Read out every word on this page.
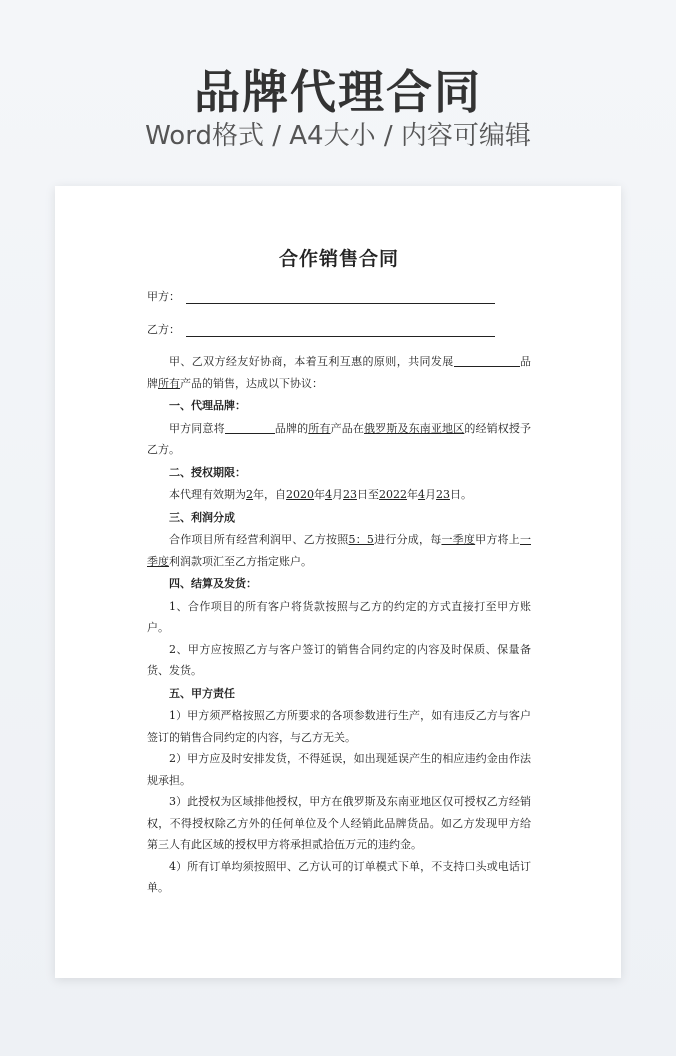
品牌代理合同
Word格式 / A4大小 / 内容可编辑
合作销售合同
甲方：
乙方：

甲、乙双方经友好协商，本着互利互惠的原则，共同发展	品牌所有产品的销售，达成以下协议：

一、代理品牌：

甲方同意将	品牌的所有产品在俄罗斯及东南亚地区的经销权授予乙方。

二、授权期限：

本代理有效期为2年，自2020年4月23日至2022年4月23日。

三、利润分成

合作项目所有经营利润甲、乙方按照5：5进行分成，每一季度甲方将上一季度利润款项汇至乙方指定账户。

四、结算及发货：

1、合作项目的所有客户将货款按照与乙方的约定的方式直接打至甲方账户。

2、甲方应按照乙方与客户签订的销售合同约定的内容及时保质、保量备货、发货。

五、甲方责任

1）甲方须严格按照乙方所要求的各项参数进行生产，如有违反乙方与客户签订的销售合同约定的内容，与乙方无关。

2）甲方应及时安排发货，不得延误，如出现延误产生的相应违约金由作法规承担。

3）此授权为区域排他授权，甲方在俄罗斯及东南亚地区仅可授权乙方经销权，不得授权除乙方外的任何单位及个人经销此品牌货品。如乙方发现甲方给第三人有此区域的授权甲方将承担贰拾伍万元的违约金。

4）所有订单均须按照甲、乙方认可的订单模式下单，不支持口头或电话订单。
